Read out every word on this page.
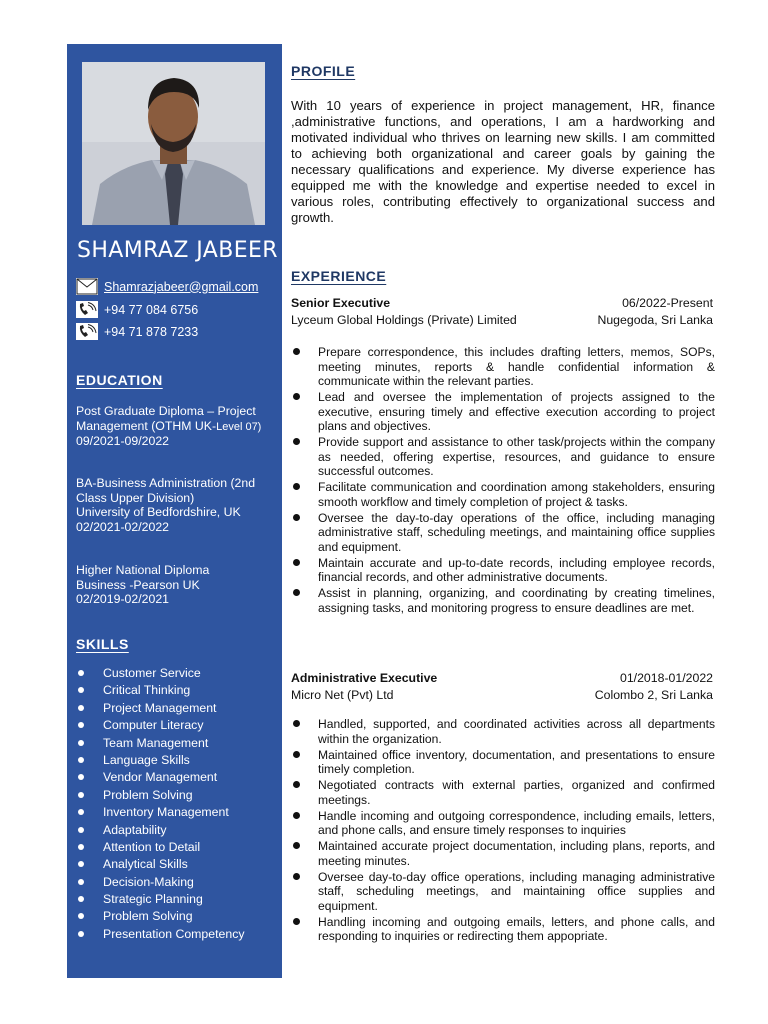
SHAMRAZ JABEER
Shamrazjabeer@gmail.com
+94 77 084 6756
+94 71 878 7233
EDUCATION
Post Graduate Diploma – Project
Management (OTHM UK-Level 07)
09/2021-09/2022
BA-Business Administration (2nd
Class Upper Division)
University of Bedfordshire, UK
02/2021-02/2022
Higher National Diploma
Business -Pearson UK
02/2019-02/2021
SKILLS
Customer Service
Critical Thinking
Project Management
Computer Literacy
Team Management
Language Skills
Vendor Management
Problem Solving
Inventory Management
Adaptability
Attention to Detail
Analytical Skills
Decision-Making
Strategic Planning
Problem Solving
Presentation Competency
PROFILE

With 10 years of experience in project management, HR, finance ,administrative functions, and operations, I am a hardworking and motivated individual who thrives on learning new skills. I am committed to achieving both organizational and career goals by gaining the necessary qualifications and experience. My diverse experience has equipped me with the knowledge and expertise needed to excel in various roles, contributing effectively to organizational success and growth.

EXPERIENCE
Senior Executive	06/2022-Present
Lyceum Global Holdings (Private) Limited	Nugegoda, Sri Lanka
Prepare correspondence, this includes drafting letters, memos, SOPs, meeting minutes, reports & handle confidential information & communicate within the relevant parties.
Lead and oversee the implementation of projects assigned to the executive, ensuring timely and effective execution according to project plans and objectives.
Provide support and assistance to other task/projects within the company as needed, offering expertise, resources, and guidance to ensure successful outcomes.
Facilitate communication and coordination among stakeholders, ensuring smooth workflow and timely completion of project & tasks.
Oversee the day-to-day operations of the office, including managing administrative staff, scheduling meetings, and maintaining office supplies and equipment.
Maintain accurate and up-to-date records, including employee records, financial records, and other administrative documents.
Assist in planning, organizing, and coordinating by creating timelines, assigning tasks, and monitoring progress to ensure deadlines are met.
Administrative Executive	01/2018-01/2022
Micro Net (Pvt) Ltd	Colombo 2, Sri Lanka
Handled, supported, and coordinated activities across all departments within the organization.
Maintained office inventory, documentation, and presentations to ensure timely completion.
Negotiated contracts with external parties, organized and confirmed meetings.
Handle incoming and outgoing correspondence, including emails, letters, and phone calls, and ensure timely responses to inquiries
Maintained accurate project documentation, including plans, reports, and meeting minutes.
Oversee day-to-day office operations, including managing administrative staff, scheduling meetings, and maintaining office supplies and equipment.
Handling incoming and outgoing emails, letters, and phone calls, and responding to inquiries or redirecting them appopriate.
